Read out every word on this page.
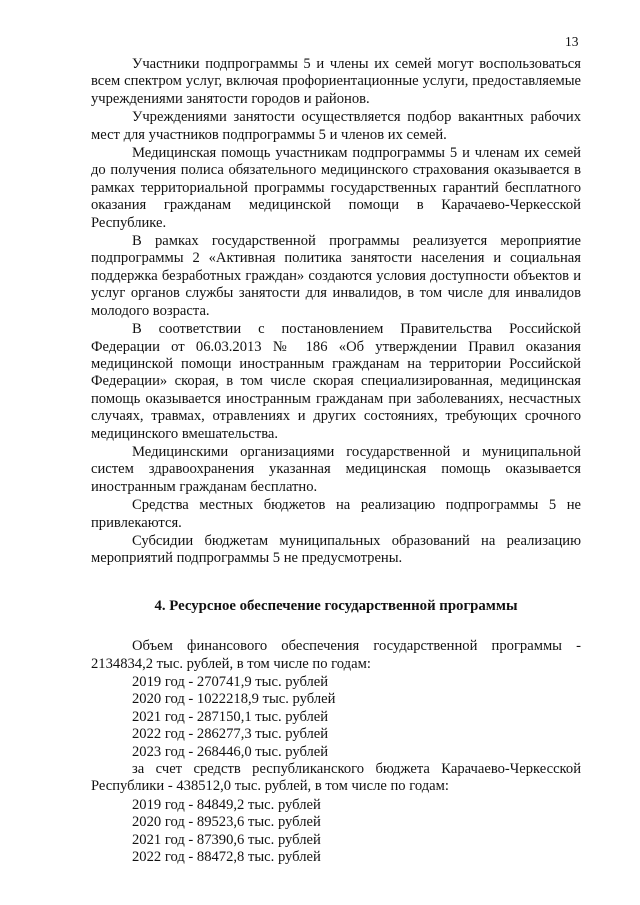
13

Участники подпрограммы 5 и члены их семей могут воспользоваться всем спектром услуг, включая профориентационные услуги, предоставляемые учреждениями занятости городов и районов.

Учреждениями занятости осуществляется подбор вакантных рабочих мест для участников подпрограммы 5 и членов их семей.

Медицинская помощь участникам подпрограммы 5 и членам их семей до получения полиса обязательного медицинского страхования оказывается в рамках территориальной программы государственных гарантий бесплатного оказания гражданам медицинской помощи в Карачаево-Черкесской Республике.

В рамках государственной программы реализуется мероприятие подпрограммы 2 «Активная политика занятости населения и социальная поддержка безработных граждан» создаются условия доступности объектов и услуг органов службы занятости для инвалидов, в том числе для инвалидов молодого возраста.

В соответствии с постановлением Правительства Российской Федерации от 06.03.2013 № 186 «Об утверждении Правил оказания медицинской помощи иностранным гражданам на территории Российской Федерации» скорая, в том числе скорая специализированная, медицинская помощь оказывается иностранным гражданам при заболеваниях, несчастных случаях, травмах, отравлениях и других состояниях, требующих срочного медицинского вмешательства.

Медицинскими организациями государственной и муниципальной систем здравоохранения указанная медицинская помощь оказывается иностранным гражданам бесплатно.

Средства местных бюджетов на реализацию подпрограммы 5 не привлекаются.

Субсидии бюджетам муниципальных образований на реализацию мероприятий подпрограммы 5 не предусмотрены.

4. Ресурсное обеспечение государственной программы

Объем финансового обеспечения государственной программы - 2134834,2 тыс. рублей, в том числе по годам:

2019 год - 270741,9 тыс. рублей

2020 год - 1022218,9 тыс. рублей

2021 год - 287150,1 тыс. рублей

2022 год - 286277,3 тыс. рублей

2023 год - 268446,0 тыс. рублей

за счет средств республиканского бюджета Карачаево-Черкесской Республики - 438512,0 тыс. рублей, в том числе по годам:

2019 год - 84849,2 тыс. рублей

2020 год - 89523,6 тыс. рублей

2021 год - 87390,6 тыс. рублей

2022 год - 88472,8 тыс. рублей
